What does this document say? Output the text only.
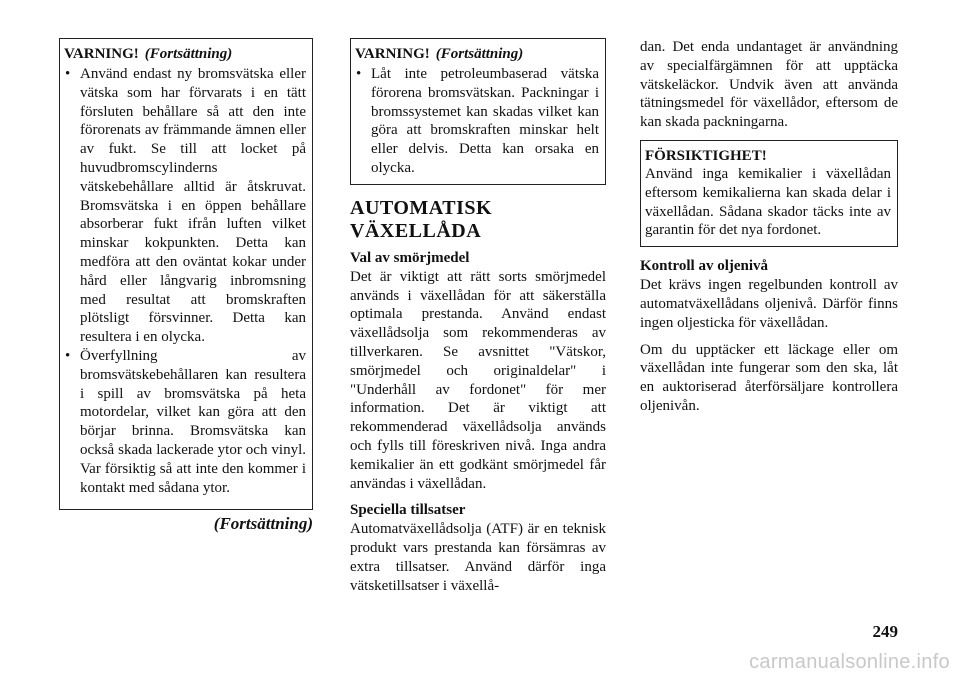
VARNING! (Fortsättning)
• Använd endast ny bromsvätska eller vätska som har förvarats i en tätt försluten behållare så att den inte förorenats av främmande ämnen eller av fukt. Se till att locket på huvudbromscylinderns vätskebehållare alltid är åtskruvat. Bromsvätska i en öppen behållare absorberar fukt ifrån luften vilket minskar kokpunkten. Detta kan medföra att den oväntat kokar under hård eller långvarig inbromsning med resultat att bromskraften plötsligt försvinner. Detta kan resultera i en olycka.
• Överfyllning av bromsvätskebehållaren kan resultera i spill av bromsvätska på heta motordelar, vilket kan göra att den börjar brinna. Bromsvätska kan också skada lackerade ytor och vinyl. Var försiktig så att inte den kommer i kontakt med sådana ytor.
(Fortsättning)
VARNING! (Fortsättning)
• Låt inte petroleumbaserad vätska förorena bromsvätskan. Packningar i bromssystemet kan skadas vilket kan göra att bromskraften minskar helt eller delvis. Detta kan orsaka en olycka.
AUTOMATISK
VÄXELLÅDA
Val av smörjmedel

Det är viktigt att rätt sorts smörjmedel används i växellådan för att säkerställa optimala prestanda. Använd endast växellådsolja som rekommenderas av tillverkaren. Se avsnittet "Vätskor, smörjmedel och originaldelar" i "Underhåll av fordonet" för mer information. Det är viktigt att rekommenderad växellådsolja används och fylls till föreskriven nivå. Inga andra kemikalier än ett godkänt smörjmedel får användas i växellådan.

Speciella tillsatser

Automatväxellådsolja (ATF) är en teknisk produkt vars prestanda kan försämras av extra tillsatser. Använd därför inga vätsketillsatser i växellå-

dan. Det enda undantaget är användning av specialfärgämnen för att upptäcka vätskeläckor. Undvik även att använda tätningsmedel för växellådor, eftersom de kan skada packningarna.

FÖRSIKTIGHET!

Använd inga kemikalier i växellådan eftersom kemikalierna kan skada delar i växellådan. Sådana skador täcks inte av garantin för det nya fordonet.

Kontroll av oljenivå

Det krävs ingen regelbunden kontroll av automatväxellådans oljenivå. Därför finns ingen oljesticka för växellådan.

Om du upptäcker ett läckage eller om växellådan inte fungerar som den ska, låt en auktoriserad återförsäljare kontrollera oljenivån.

249
carmanualsonline.info
